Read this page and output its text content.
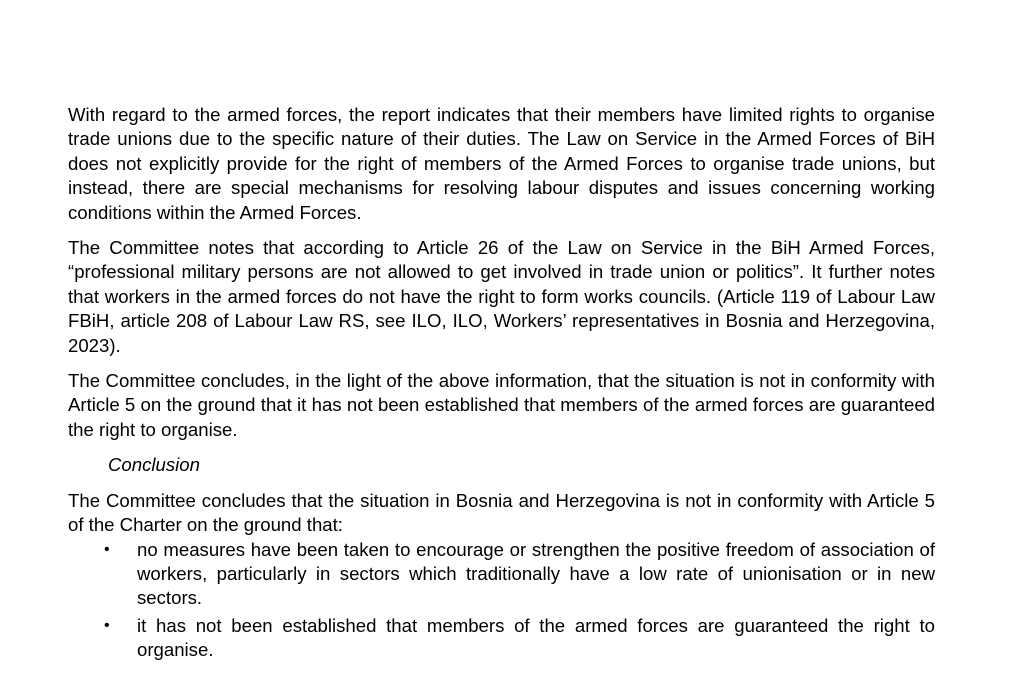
With regard to the armed forces, the report indicates that their members have limited rights to organise trade unions due to the specific nature of their duties. The Law on Service in the Armed Forces of BiH does not explicitly provide for the right of members of the Armed Forces to organise trade unions, but instead, there are special mechanisms for resolving labour disputes and issues concerning working conditions within the Armed Forces.

The Committee notes that according to Article 26 of the Law on Service in the BiH Armed Forces, “professional military persons are not allowed to get involved in trade union or politics”. It further notes that workers in the armed forces do not have the right to form works councils. (Article 119 of Labour Law FBiH, article 208 of Labour Law RS, see ILO, ILO, Workers’ representatives in Bosnia and Herzegovina, 2023).

The Committee concludes, in the light of the above information, that the situation is not in conformity with Article 5 on the ground that it has not been established that members of the armed forces are guaranteed the right to organise.

Conclusion

The Committee concludes that the situation in Bosnia and Herzegovina is not in conformity with Article 5 of the Charter on the ground that:

• no measures have been taken to encourage or strengthen the positive freedom of association of workers, particularly in sectors which traditionally have a low rate of unionisation or in new sectors.
• it has not been established that members of the armed forces are guaranteed the right to organise.
